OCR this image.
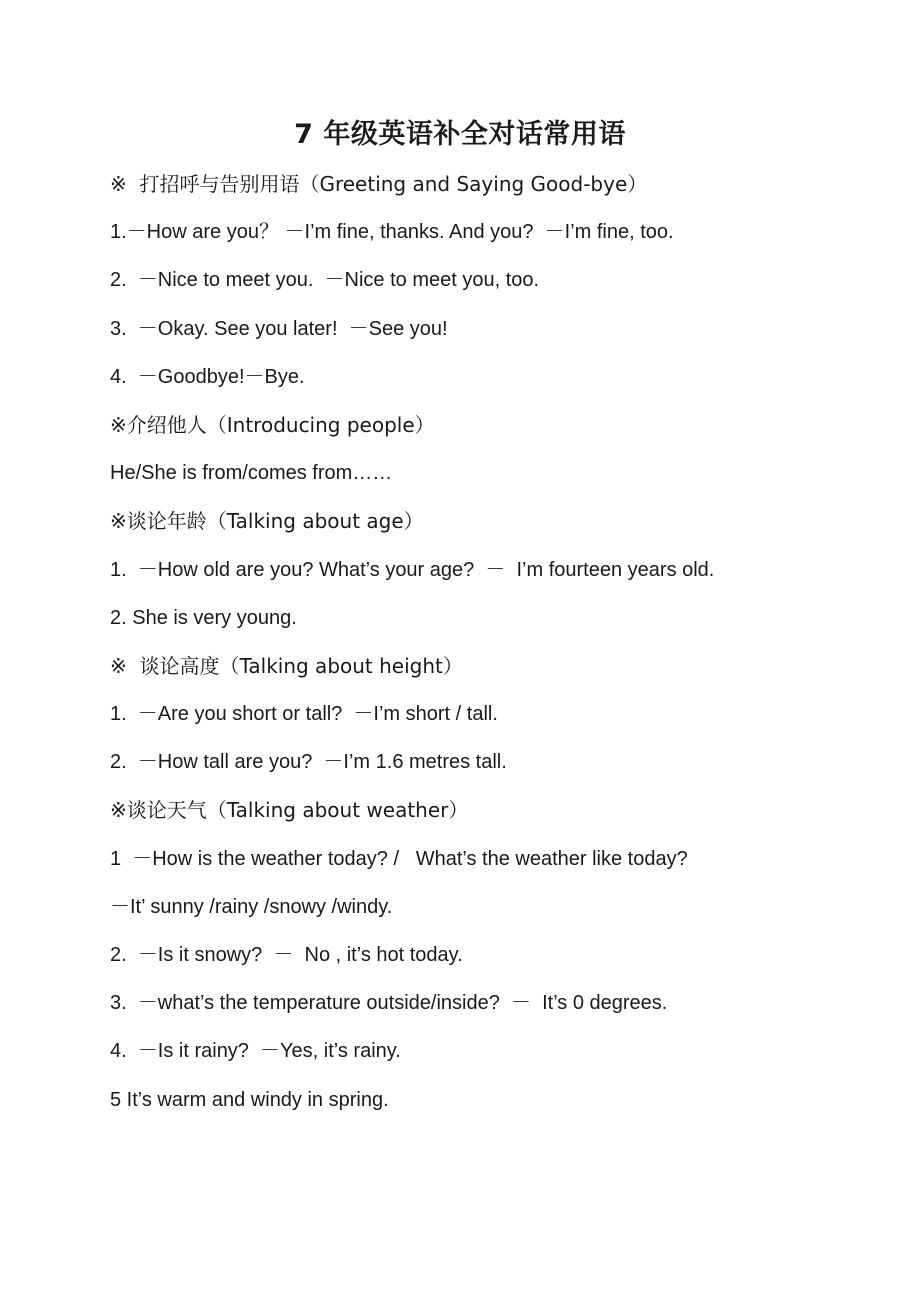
7 年级英语补全对话常用语
※  打招呼与告别用语（Greeting and Saying Good-bye）
1.－How are you？ －I’m fine, thanks. And you?  －I’m fine, too.
2.  －Nice to meet you.  －Nice to meet you, too.
3.  －Okay. See you later!  －See you!
4.  －Goodbye!－Bye.
※介绍他人（Introducing people）
He/She is from/comes from……
※谈论年龄（Talking about age）
1.  －How old are you? What’s your age?  －  I’m fourteen years old.
2. She is very young.
※  谈论高度（Talking about height）
1.  －Are you short or tall?  －I’m short / tall.
2.  －How tall are you?  －I’m 1.6 metres tall.
※谈论天气（Talking about weather）
1  －How is the weather today? /   What’s the weather like today?
－It’ sunny /rainy /snowy /windy.
2.  －Is it snowy?  －  No , it’s hot today.
3.  －what’s the temperature outside/inside?  －  It’s 0 degrees.
4.  －Is it rainy?  －Yes, it’s rainy.
5 It’s warm and windy in spring.
